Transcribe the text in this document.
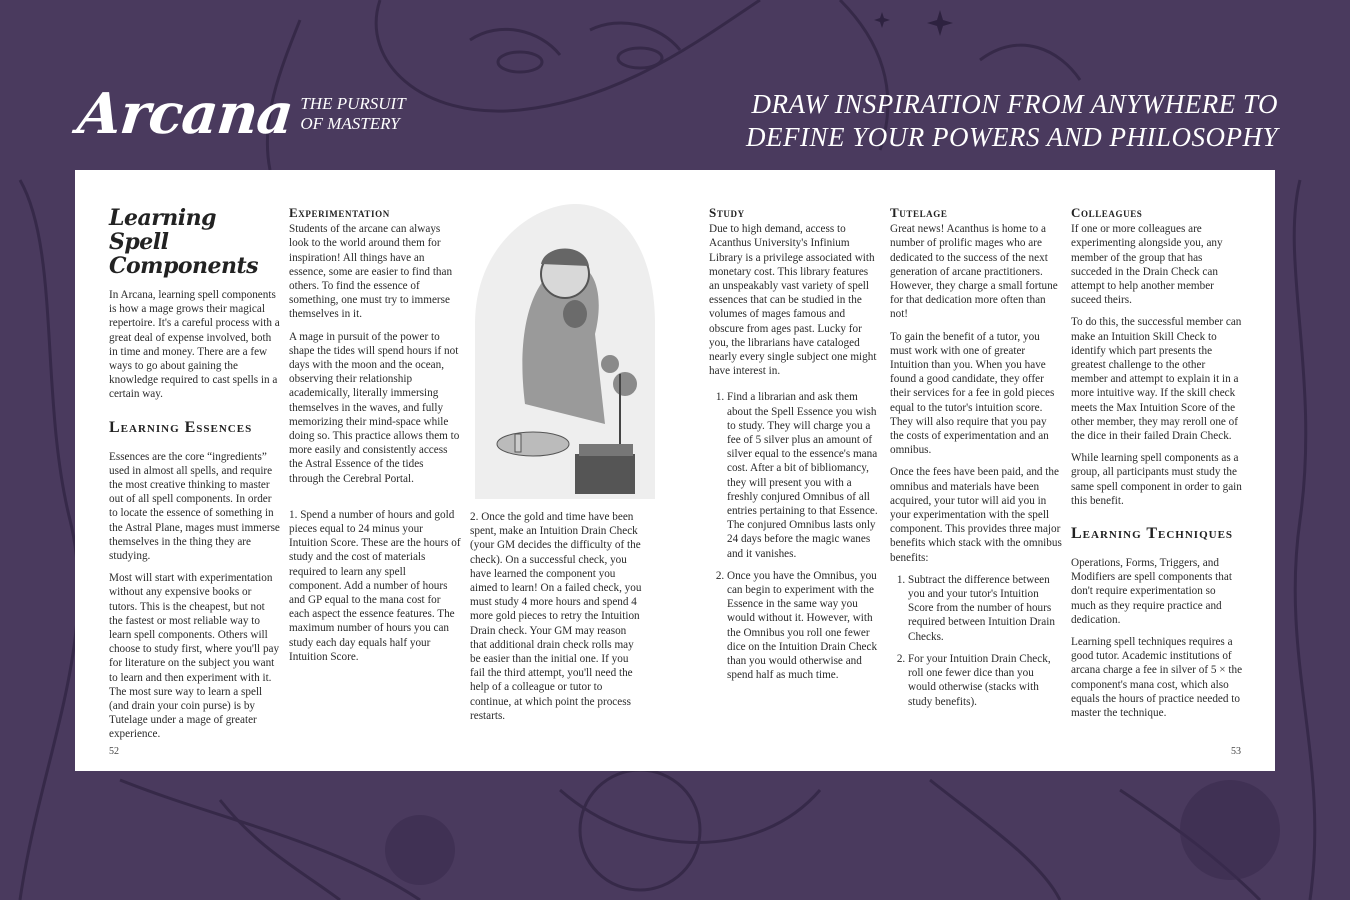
Arcana THE PURSUIT
OF MASTERY
DRAW INSPIRATION FROM ANYWHERE TO
DEFINE YOUR POWERS AND PHILOSOPHY
Learning Spell Components

In Arcana, learning spell components is how a mage grows their magical repertoire. It's a careful process with a great deal of expense involved, both in time and money. There are a few ways to go about gaining the knowledge required to cast spells in a certain way.

Learning Essences

Essences are the core “ingredients” used in almost all spells, and require the most creative thinking to master out of all spell components. In order to locate the essence of something in the Astral Plane, mages must immerse themselves in the thing they are studying.

Most will start with experimentation without any expensive books or tutors. This is the cheapest, but not the fastest or most reliable way to learn spell components. Others will choose to study first, where you'll pay for literature on the subject you want to learn and then experiment with it. The most sure way to learn a spell (and drain your coin purse) is by Tutelage under a mage of greater experience.

Experimentation

Students of the arcane can always look to the world around them for inspiration! All things have an essence, some are easier to find than others. To find the essence of something, one must try to immerse themselves in it.

A mage in pursuit of the power to shape the tides will spend hours if not days with the moon and the ocean, observing their relationship academically, literally immersing themselves in the waves, and fully memorizing their mind-space while doing so. This practice allows them to more easily and consistently access the Astral Essence of the tides through the Cerebral Portal.

1. Spend a number of hours and gold pieces equal to 24 minus your Intuition Score. These are the hours of study and the cost of materials required to learn any spell component. Add a number of hours and GP equal to the mana cost for each aspect the essence features. The maximum number of hours you can study each day equals half your Intuition Score.

2. Once the gold and time have been spent, make an Intuition Drain Check (your GM decides the difficulty of the check). On a successful check, you have learned the component you aimed to learn! On a failed check, you must study 4 more hours and spend 4 more gold pieces to retry the Intuition Drain check. Your GM may reason that additional drain check rolls may be easier than the initial one. If you fail the third attempt, you'll need the help of a colleague or tutor to continue, at which point the process restarts.

52
Study

Due to high demand, access to Acanthus University's Infinium Library is a privilege associated with monetary cost. This library features an unspeakably vast variety of spell essences that can be studied in the volumes of mages famous and obscure from ages past. Lucky for you, the librarians have cataloged nearly every single subject one might have interest in.

1. Find a librarian and ask them about the Spell Essence you wish to study. They will charge you a fee of 5 silver plus an amount of silver equal to the essence's mana cost. After a bit of bibliomancy, they will present you with a freshly conjured Omnibus of all entries pertaining to that Essence. The conjured Omnibus lasts only 24 days before the magic wanes and it vanishes.
2. Once you have the Omnibus, you can begin to experiment with the Essence in the same way you would without it. However, with the Omnibus you roll one fewer dice on the Intuition Drain Check than you would otherwise and spend half as much time.
Tutelage

Great news! Acanthus is home to a number of prolific mages who are dedicated to the success of the next generation of arcane practitioners. However, they charge a small fortune for that dedication more often than not!

To gain the benefit of a tutor, you must work with one of greater Intuition than you. When you have found a good candidate, they offer their services for a fee in gold pieces equal to the tutor's intuition score. They will also require that you pay the costs of experimentation and an omnibus.

Once the fees have been paid, and the omnibus and materials have been acquired, your tutor will aid you in your experimentation with the spell component. This provides three major benefits which stack with the omnibus benefits:

1. Subtract the difference between you and your tutor's Intuition Score from the number of hours required between Intuition Drain Checks.
2. For your Intuition Drain Check, roll one fewer dice than you would otherwise (stacks with study benefits).
Colleagues

If one or more colleagues are experimenting alongside you, any member of the group that has succeded in the Drain Check can attempt to help another member suceed theirs.

To do this, the successful member can make an Intuition Skill Check to identify which part presents the greatest challenge to the other member and attempt to explain it in a more intuitive way. If the skill check meets the Max Intuition Score of the other member, they may reroll one of the dice in their failed Drain Check.

While learning spell components as a group, all participants must study the same spell component in order to gain this benefit.

Learning Techniques

Operations, Forms, Triggers, and Modifiers are spell components that don't require experimentation so much as they require practice and dedication.

Learning spell techniques requires a good tutor. Academic institutions of arcana charge a fee in silver of 5 × the component's mana cost, which also equals the hours of practice needed to master the technique.

53
